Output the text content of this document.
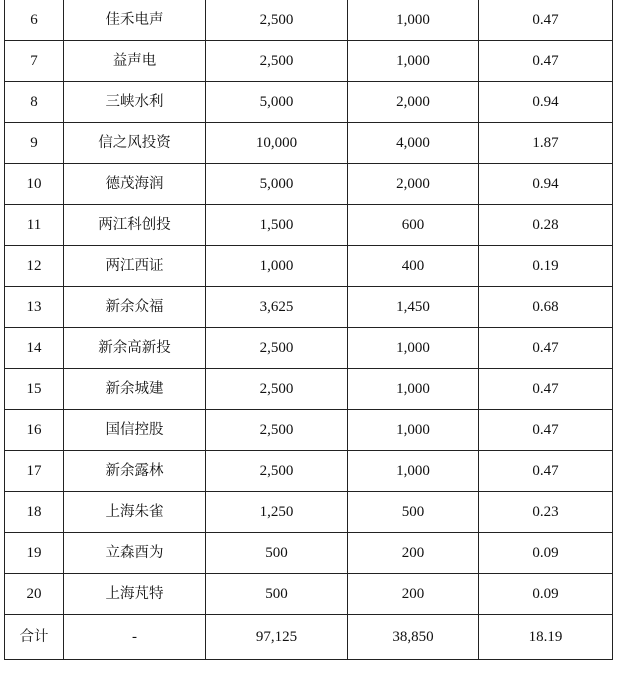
6	佳禾电声	2,500	1,000	0.47
7	益声电	2,500	1,000	0.47
8	三峡水利	5,000	2,000	0.94
9	信之风投资	10,000	4,000	1.87
10	德茂海润	5,000	2,000	0.94
11	两江科创投	1,500	600	0.28
12	两江西证	1,000	400	0.19
13	新余众福	3,625	1,450	0.68
14	新余高新投	2,500	1,000	0.47
15	新余城建	2,500	1,000	0.47
16	国信控股	2,500	1,000	0.47
17	新余露林	2,500	1,000	0.47
18	上海朱雀	1,250	500	0.23
19	立森酉为	500	200	0.09
20	上海芃特	500	200	0.09
合计	-	97,125	38,850	18.19
